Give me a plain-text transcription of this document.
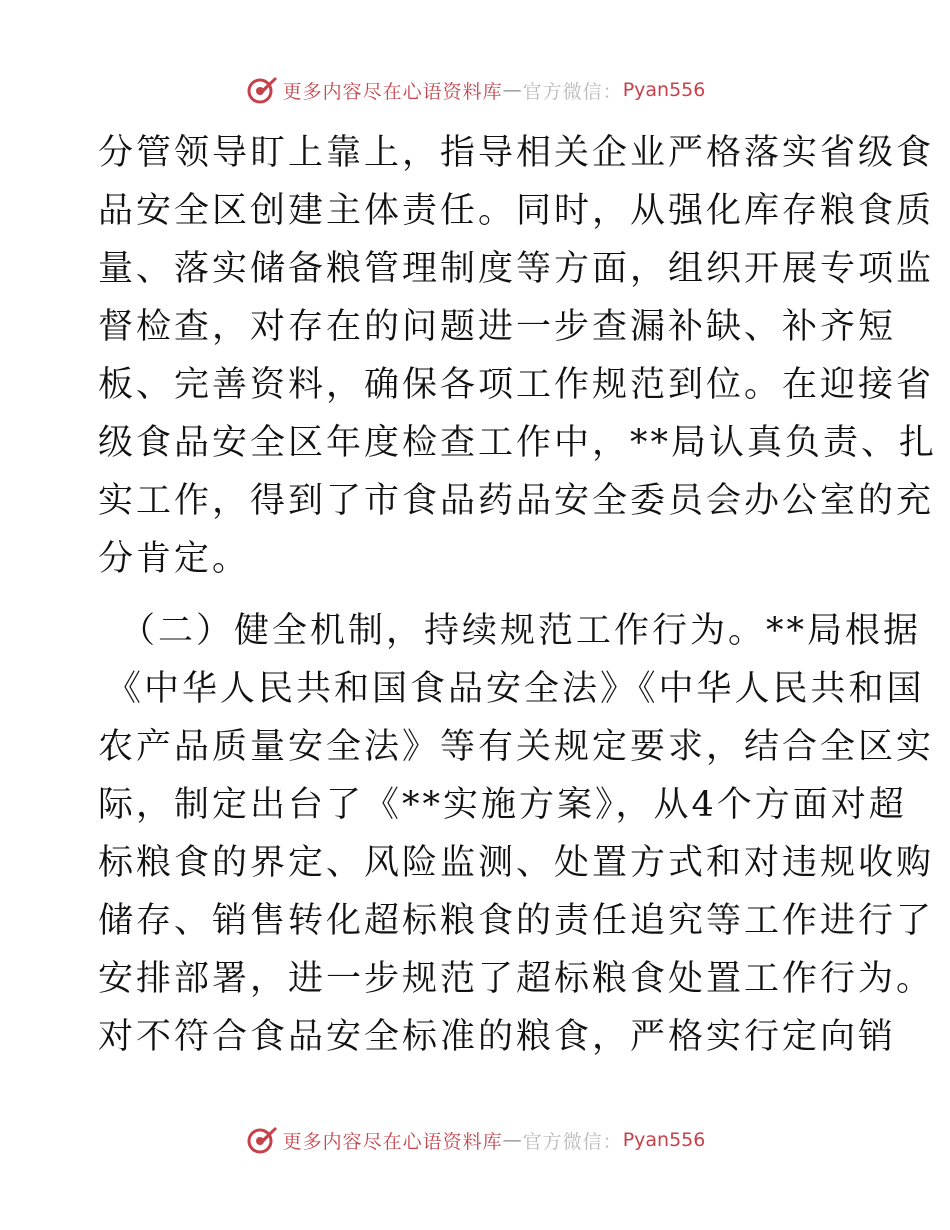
更多内容尽在心语资料库 — 官方微信： Pyan556
分管领导盯上靠上，指导相关企业严格落实省级食
品安全区创建主体责任。同时，从强化库存粮食质
量、落实储备粮管理制度等方面，组织开展专项监
督检查，对存在的问题进一步查漏补缺、补齐短
板、完善资料，确保各项工作规范到位。在迎接省
级食品安全区年度检查工作中，**局认真负责、扎
实工作，得到了市食品药品安全委员会办公室的充
分肯定。
（二）健全机制，持续规范工作行为。**局根据
《中华人民共和国食品安全法》《中华人民共和国
农产品质量安全法》等有关规定要求，结合全区实
际，制定出台了《**实施方案》，从4个方面对超
标粮食的界定、风险监测、处置方式和对违规收购
储存、销售转化超标粮食的责任追究等工作进行了
安排部署，进一步规范了超标粮食处置工作行为。
对不符合食品安全标准的粮食，严格实行定向销
更多内容尽在心语资料库 — 官方微信： Pyan556
